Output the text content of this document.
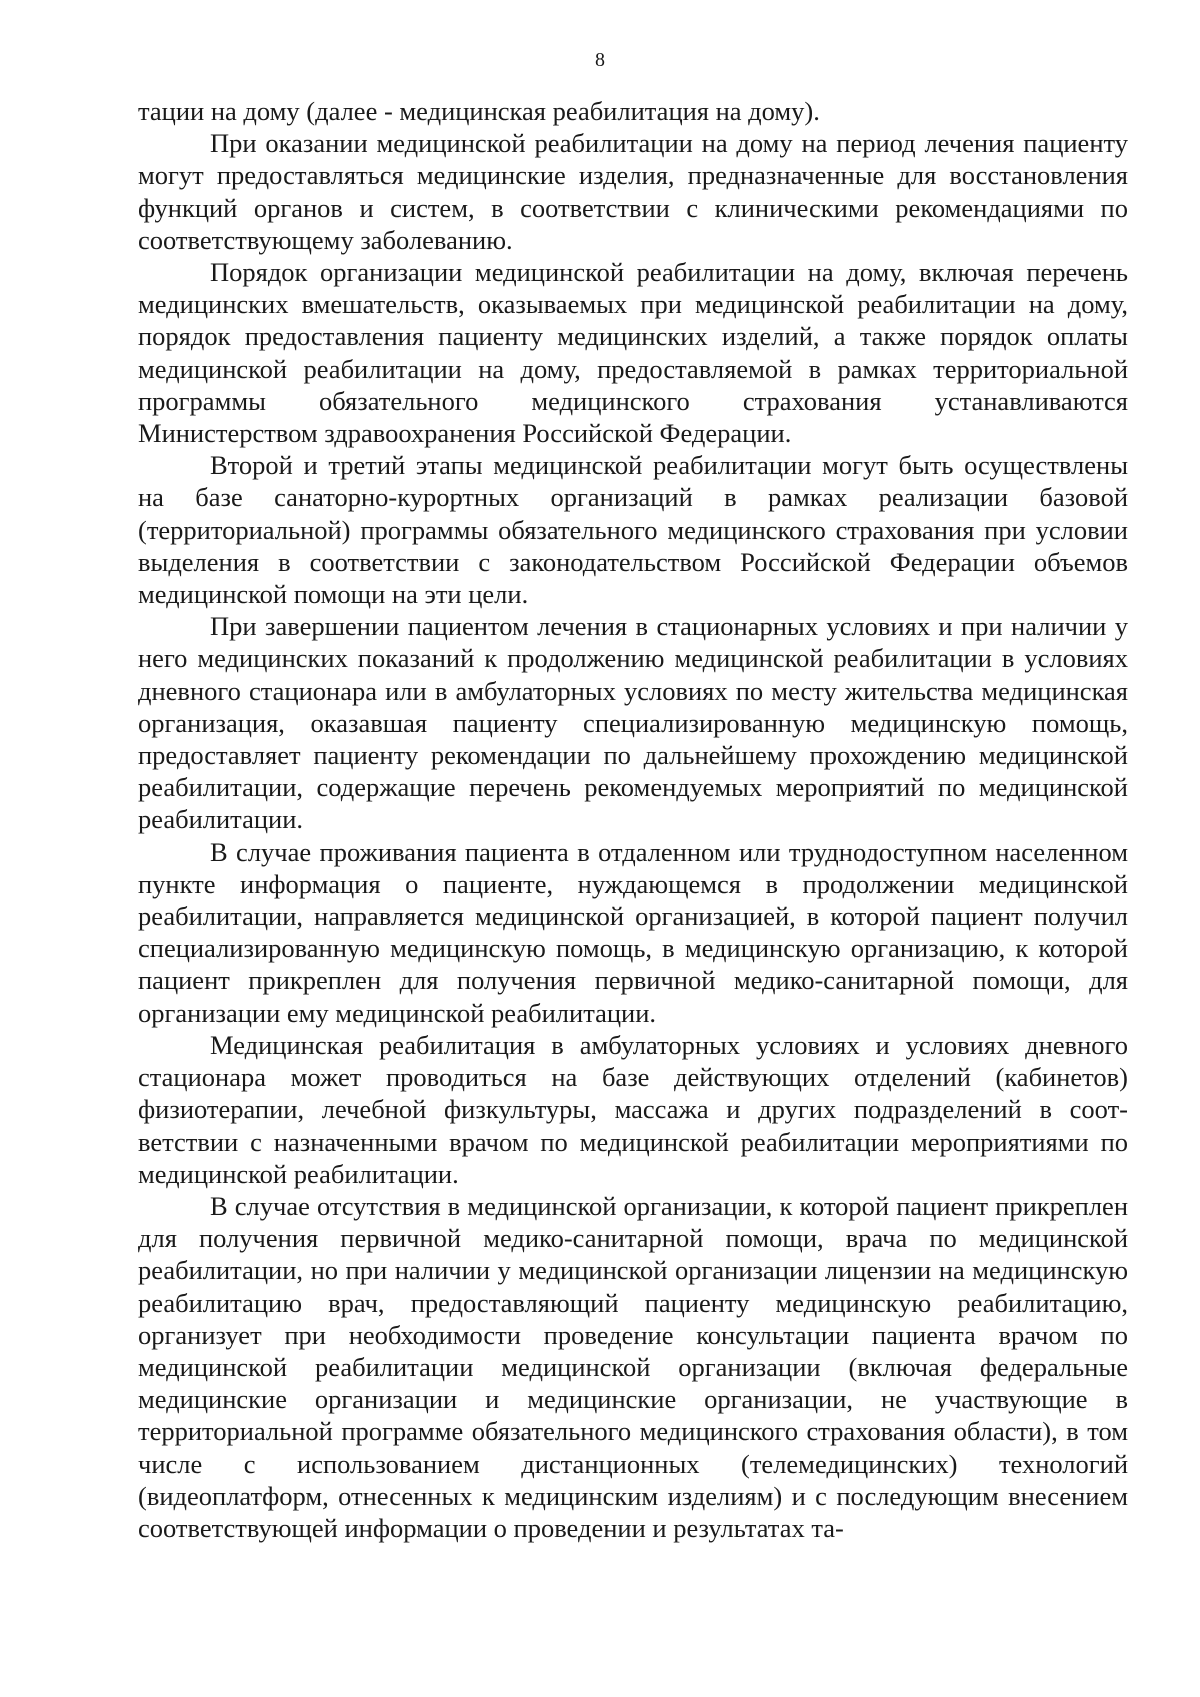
8

тации на дому (далее - медицинская реабилитация на дому).

При оказании медицинской реабилитации на дому на период лечения пациенту могут предоставляться медицинские изделия, предназначенные для восстановления функций органов и систем, в соответствии с клиническими рекомендациями по соответствующему заболеванию.

Порядок организации медицинской реабилитации на дому, включая перечень медицинских вмешательств, оказываемых при медицинской реабилитации на дому, порядок предоставления пациенту медицинских изделий, а также порядок оплаты медицинской реабилитации на дому, предоставляемой в рамках территориальной программы обязательного медицинского страхования устанавливаются Министерством здравоохранения Российской Федерации.

Второй и третий этапы медицинской реабилитации могут быть осуществлены на базе санаторно-курортных организаций в рамках реализации базовой (территориальной) программы обязательного медицинского страхования при условии выделения в соответствии с законодательством Российской Федерации объемов медицинской помощи на эти цели.

При завершении пациентом лечения в стационарных условиях и при наличии у него медицинских показаний к продолжению медицинской реабилитации в условиях дневного стационара или в амбулаторных условиях по месту жительства медицинская организация, оказавшая пациенту специализированную медицинскую помощь, предоставляет пациенту рекомендации по дальнейшему прохождению медицинской реабилитации, содержащие перечень рекомендуемых мероприятий по медицинской реабилитации.

В случае проживания пациента в отдаленном или труднодоступном населенном пункте информация о пациенте, нуждающемся в продолжении медицинской реабилитации, направляется медицинской организацией, в которой пациент получил специализированную медицинскую помощь, в медицинскую организацию, к которой пациент прикреплен для получения первичной медико-санитарной помощи, для организации ему медицинской реабилитации.

Медицинская реабилитация в амбулаторных условиях и условиях дневного стационара может проводиться на базе действующих отделений (кабинетов) физиотерапии, лечебной физкультуры, массажа и других подразделений в соответствии с назначенными врачом по медицинской реабилитации мероприятиями по медицинской реабилитации.

В случае отсутствия в медицинской организации, к которой пациент прикреплен для получения первичной медико-санитарной помощи, врача по медицинской реабилитации, но при наличии у медицинской организации лицензии на медицинскую реабилитацию врач, предоставляющий пациенту медицинскую реабилитацию, организует при необходимости проведение консультации пациента врачом по медицинской реабилитации медицинской организации (включая федеральные медицинские организации и медицинские организации, не участвующие в территориальной программе обязательного медицинского страхования области), в том числе с использованием дистанционных (телемедицинских) технологий (видеоплатформ, отнесенных к медицинским изделиям) и с последующим внесением соответствующей информации о проведении и результатах та-
